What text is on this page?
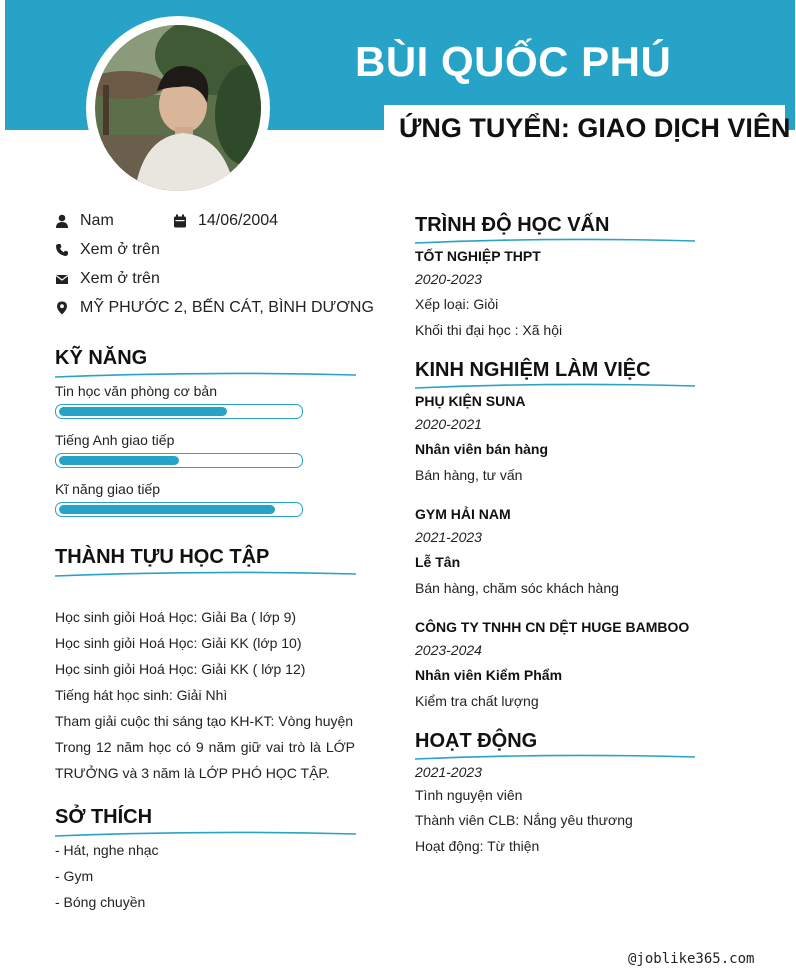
BÙI QUỐC PHÚ
ỨNG TUYỂN: GIAO DỊCH VIÊN
Nam	14/06/2004
Xem ở trên
Xem ở trên
MỸ PHƯỚC 2, BẾN CÁT, BÌNH DƯƠNG
KỸ NĂNG
Tin học văn phòng cơ bản
Tiếng Anh giao tiếp
Kĩ năng giao tiếp
THÀNH TỰU HỌC TẬP
Học sinh giỏi Hoá Học: Giải Ba ( lớp 9)
Học sinh giỏi Hoá Học: Giải KK (lớp 10)
Học sinh giỏi Hoá Học: Giải KK ( lớp 12)
Tiếng hát học sinh: Giải Nhì
Tham giải cuộc thi sáng tạo KH-KT: Vòng huyện
Trong 12 năm học có 9 năm giữ vai trò là LỚP TRƯỞNG và 3 năm là LỚP PHÓ HỌC TẬP.
SỞ THÍCH
- Hát, nghe nhạc
- Gym
- Bóng chuyền
TRÌNH ĐỘ HỌC VẤN
TỐT NGHIỆP THPT
2020-2023
Xếp loại: Giỏi
Khối thi đại học : Xã hội
KINH NGHIỆM LÀM VIỆC
PHỤ KIỆN SUNA
2020-2021
Nhân viên bán hàng
Bán hàng, tư vấn
GYM HẢI NAM
2021-2023
Lễ Tân
Bán hàng, chăm sóc khách hàng
CÔNG TY TNHH CN DỆT HUGE BAMBOO
2023-2024
Nhân viên Kiểm Phẩm
Kiểm tra chất lượng
HOẠT ĐỘNG
2021-2023
Tình nguyện viên
Thành viên CLB: Nắng yêu thương
Hoạt động: Từ thiện
@joblike365.com
